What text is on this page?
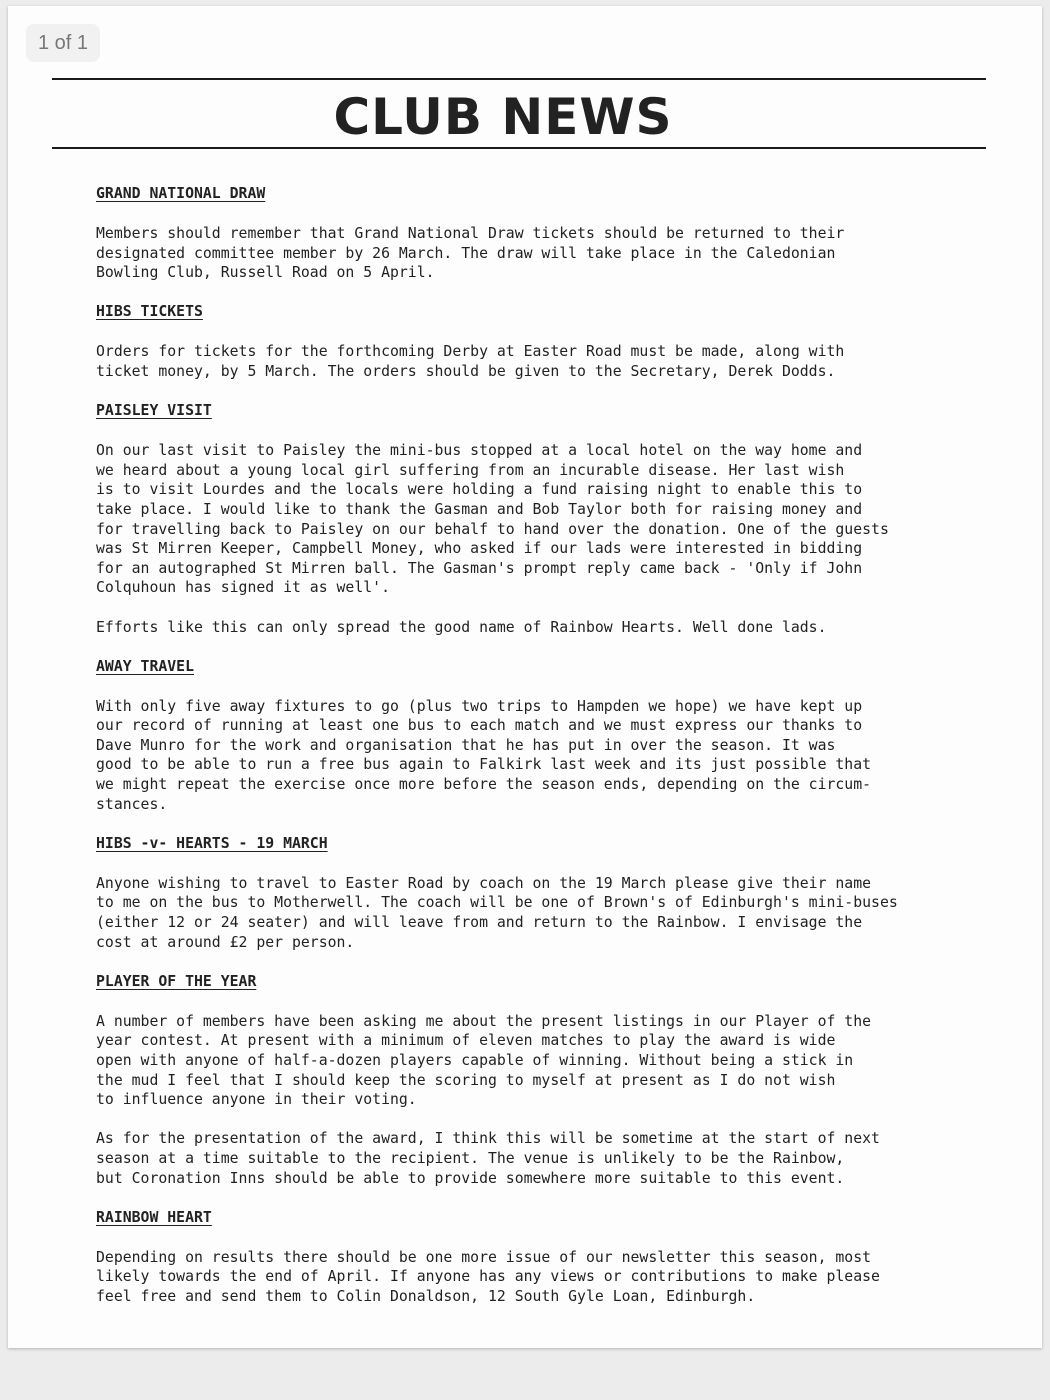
1 of 1
CLUB NEWS
GRAND NATIONAL DRAW

Members should remember that Grand National Draw tickets should be returned to their
designated committee member by 26 March. The draw will take place in the Caledonian
Bowling Club, Russell Road on 5 April.

HIBS TICKETS

Orders for tickets for the forthcoming Derby at Easter Road must be made, along with
ticket money, by 5 March. The orders should be given to the Secretary, Derek Dodds.

PAISLEY VISIT

On our last visit to Paisley the mini-bus stopped at a local hotel on the way home and
we heard about a young local girl suffering from an incurable disease. Her last wish
is to visit Lourdes and the locals were holding a fund raising night to enable this to
take place. I would like to thank the Gasman and Bob Taylor both for raising money and
for travelling back to Paisley on our behalf to hand over the donation. One of the guests
was St Mirren Keeper, Campbell Money, who asked if our lads were interested in bidding
for an autographed St Mirren ball. The Gasman's prompt reply came back - 'Only if John
Colquhoun has signed it as well'.

Efforts like this can only spread the good name of Rainbow Hearts. Well done lads.

AWAY TRAVEL

With only five away fixtures to go (plus two trips to Hampden we hope) we have kept up
our record of running at least one bus to each match and we must express our thanks to
Dave Munro for the work and organisation that he has put in over the season. It was
good to be able to run a free bus again to Falkirk last week and its just possible that
we might repeat the exercise once more before the season ends, depending on the circum-
stances.

HIBS -v- HEARTS - 19 MARCH

Anyone wishing to travel to Easter Road by coach on the 19 March please give their name
to me on the bus to Motherwell. The coach will be one of Brown's of Edinburgh's mini-buses
(either 12 or 24 seater) and will leave from and return to the Rainbow. I envisage the
cost at around £2 per person.

PLAYER OF THE YEAR

A number of members have been asking me about the present listings in our Player of the
year contest. At present with a minimum of eleven matches to play the award is wide
open with anyone of half-a-dozen players capable of winning. Without being a stick in
the mud I feel that I should keep the scoring to myself at present as I do not wish
to influence anyone in their voting.

As for the presentation of the award, I think this will be sometime at the start of next
season at a time suitable to the recipient. The venue is unlikely to be the Rainbow,
but Coronation Inns should be able to provide somewhere more suitable to this event.

RAINBOW HEART

Depending on results there should be one more issue of our newsletter this season, most
likely towards the end of April. If anyone has any views or contributions to make please
feel free and send them to Colin Donaldson, 12 South Gyle Loan, Edinburgh.
